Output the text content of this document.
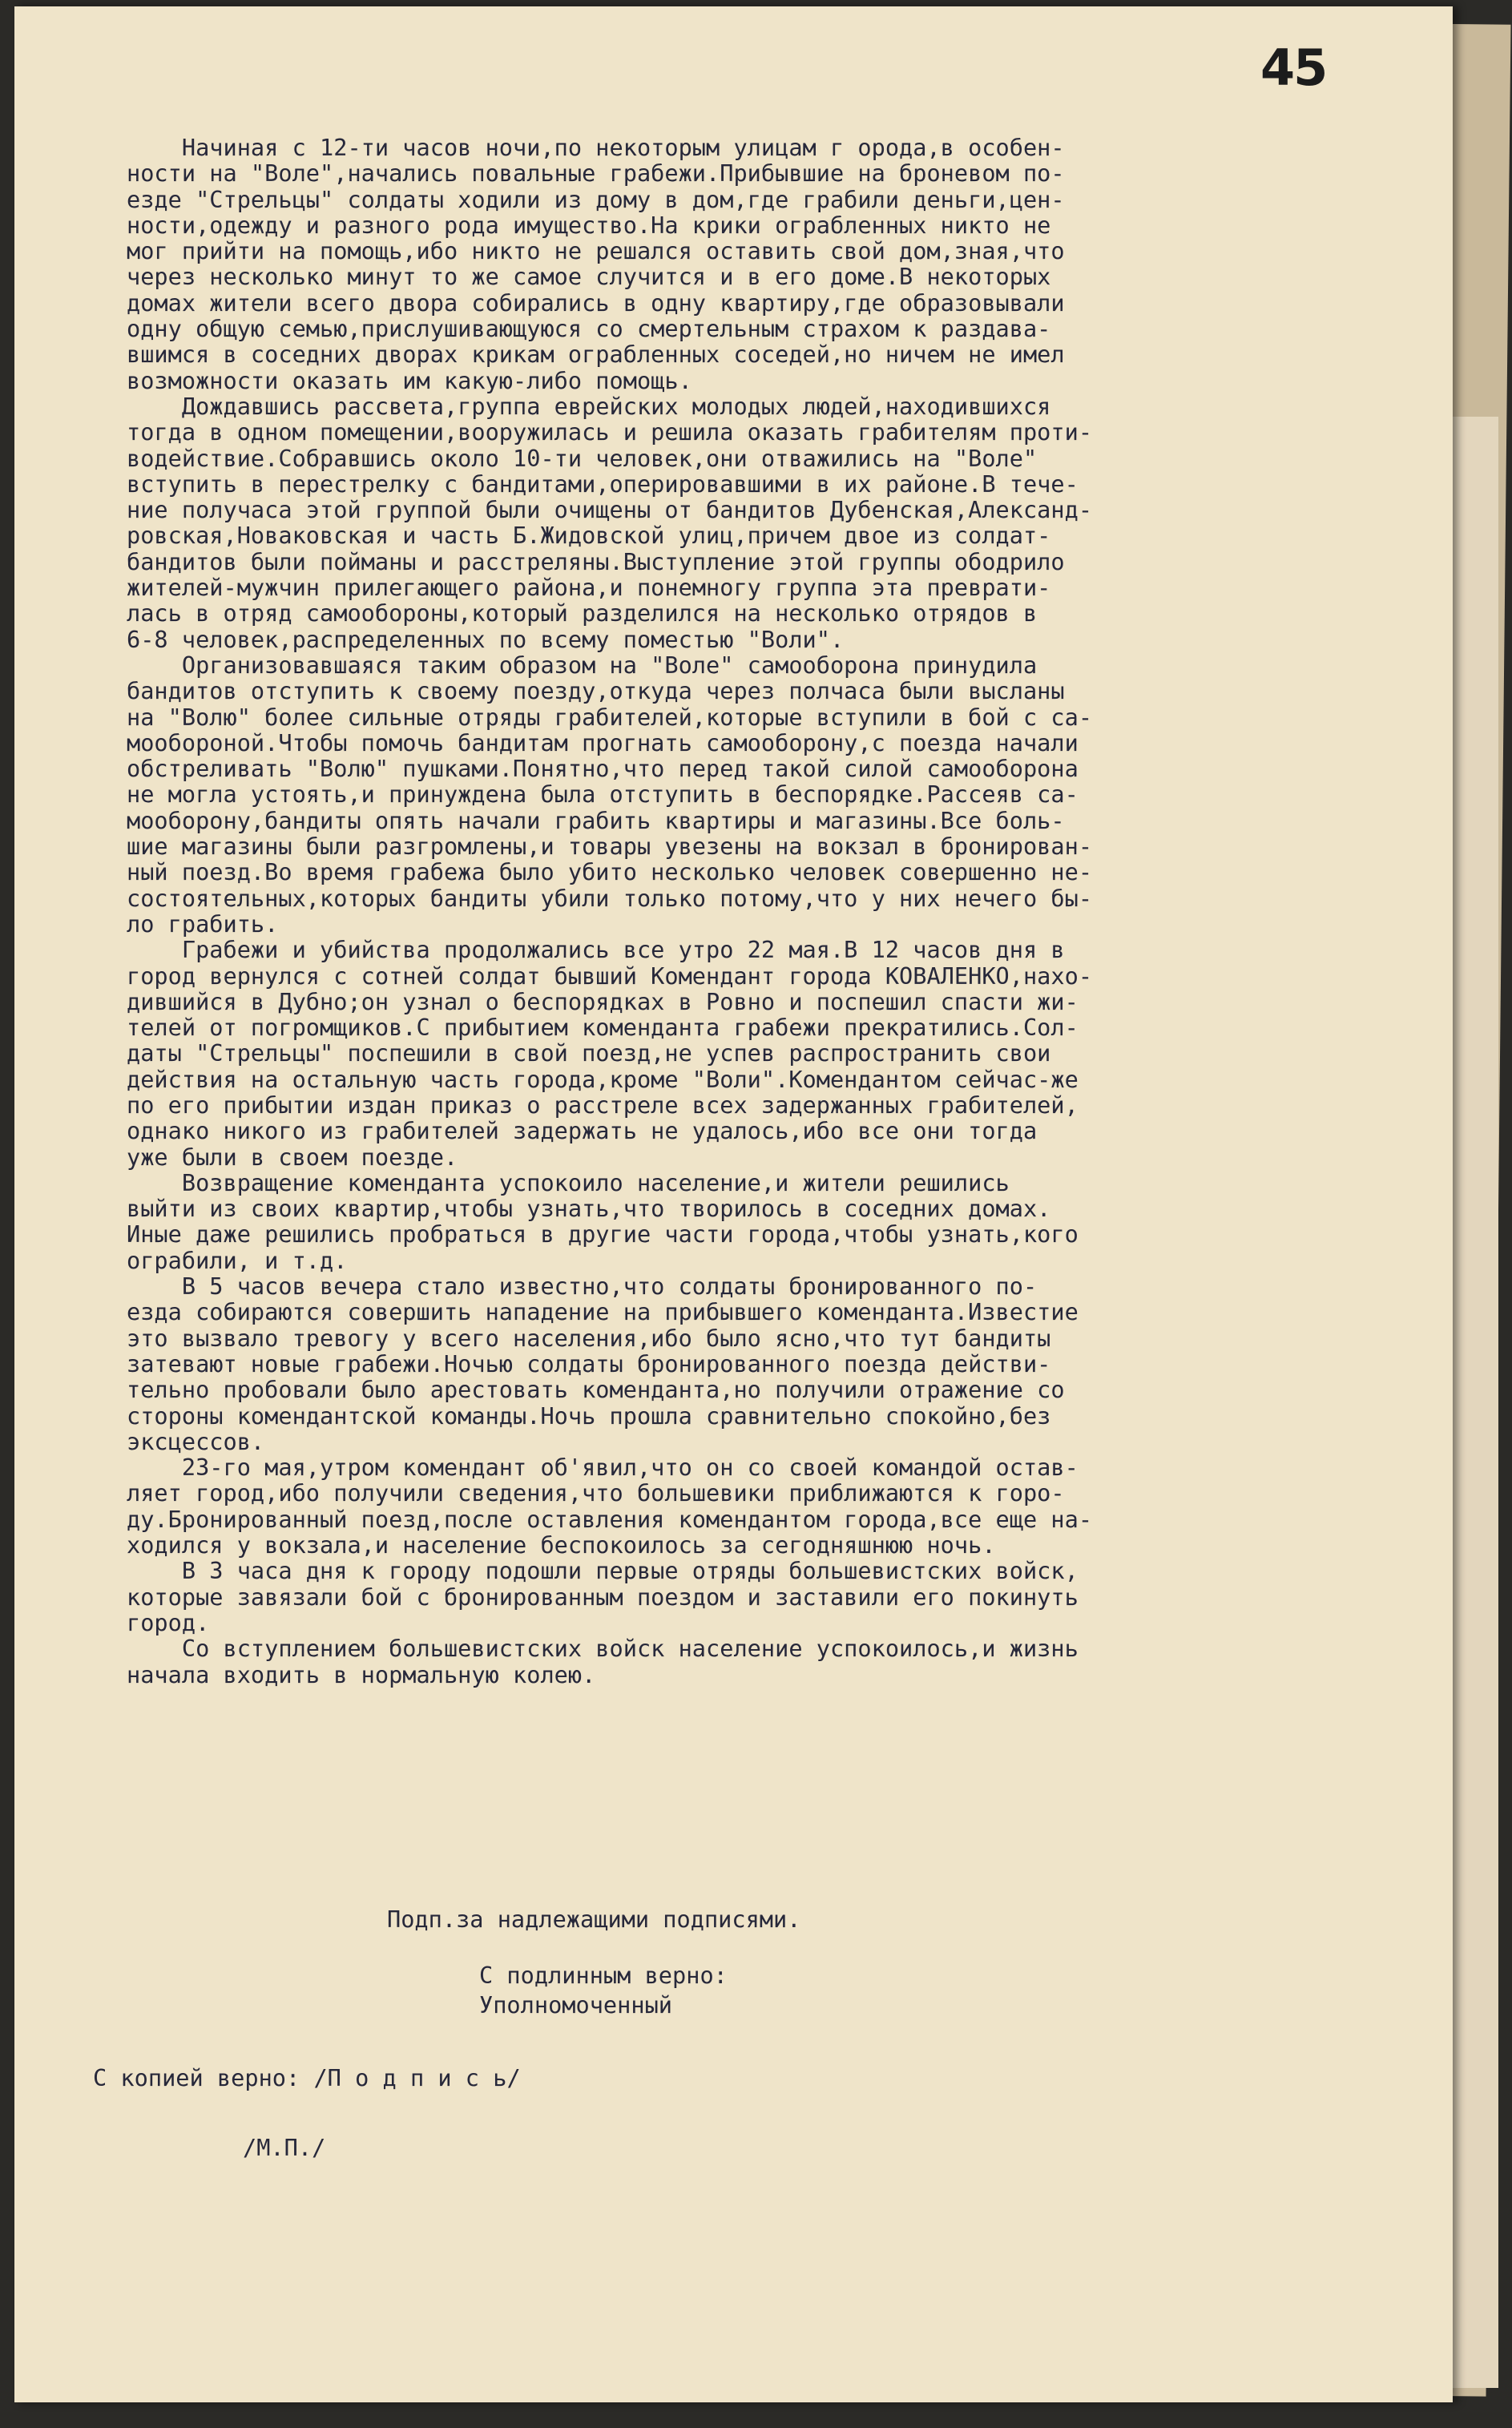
45
Начиная с 12-ти часов ночи,по некоторым улицам г орода,в особен-
ности на "Воле",начались повальные грабежи.Прибывшие на броневом по-
езде "Стрельцы" солдаты ходили из дому в дом,где грабили деньги,цен-
ности,одежду и разного рода имущество.На крики ограбленных никто не
мог прийти на помощь,ибо никто не решался оставить свой дом,зная,что
через несколько минут то же самое случится и в его доме.В некоторых
домах жители всего двора собирались в одну квартиру,где образовывали
одну общую семью,прислушивающуюся со смертельным страхом к раздава-
вшимся в соседних дворах крикам ограбленных соседей,но ничем не имел
возможности оказать им какую-либо помощь.
Дождавшись рассвета,группа еврейских молодых людей,находившихся
тогда в одном помещении,вооружилась и решила оказать грабителям проти-
водействие.Собравшись около 10-ти человек,они отважились на "Воле"
вступить в перестрелку с бандитами,оперировавшими в их районе.В тече-
ние получаса этой группой были очищены от бандитов Дубенская,Александ-
ровская,Новаковская и часть Б.Жидовской улиц,причем двое из солдат-
бандитов были пойманы и расстреляны.Выступление этой группы ободрило
жителей-мужчин прилегающего района,и понемногу группа эта преврати-
лась в отряд самообороны,который разделился на несколько отрядов в
6-8 человек,распределенных по всему поместью "Воли".
Организовавшаяся таким образом на "Воле" самооборона принудила
бандитов отступить к своему поезду,откуда через полчаса были высланы
на "Волю" более сильные отряды грабителей,которые вступили в бой с са-
мообороной.Чтобы помочь бандитам прогнать самооборону,с поезда начали
обстреливать "Волю" пушками.Понятно,что перед такой силой самооборона
не могла устоять,и принуждена была отступить в беспорядке.Рассеяв са-
мооборону,бандиты опять начали грабить квартиры и магазины.Все боль-
шие магазины были разгромлены,и товары увезены на вокзал в бронирован-
ный поезд.Во время грабежа было убито несколько человек совершенно не-
состоятельных,которых бандиты убили только потому,что у них нечего бы-
ло грабить.
Грабежи и убийства продолжались все утро 22 мая.В 12 часов дня в
город вернулся с сотней солдат бывший Комендант города КОВАЛЕНКО,нахо-
дившийся в Дубно;он узнал о беспорядках в Ровно и поспешил спасти жи-
телей от погромщиков.С прибытием коменданта грабежи прекратились.Сол-
даты "Стрельцы" поспешили в свой поезд,не успев распространить свои
действия на остальную часть города,кроме "Воли".Комендантом сейчас-же
по его прибытии издан приказ о расстреле всех задержанных грабителей,
однако никого из грабителей задержать не удалось,ибо все они тогда
уже были в своем поезде.
Возвращение коменданта успокоило население,и жители решились
выйти из своих квартир,чтобы узнать,что творилось в соседних домах.
Иные даже решились пробраться в другие части города,чтобы узнать,кого
ограбили, и т.д.
В 5 часов вечера стало известно,что солдаты бронированного по-
езда собираются совершить нападение на прибывшего коменданта.Известие
это вызвало тревогу у всего населения,ибо было ясно,что тут бандиты
затевают новые грабежи.Ночью солдаты бронированного поезда действи-
тельно пробовали было арестовать коменданта,но получили отражение со
стороны комендантской команды.Ночь прошла сравнительно спокойно,без
эксцессов.
23-го мая,утром комендант об'явил,что он со своей командой остав-
ляет город,ибо получили сведения,что большевики приближаются к горо-
ду.Бронированный поезд,после оставления комендантом города,все еще на-
ходился у вокзала,и население беспокоилось за сегодняшнюю ночь.
В 3 часа дня к городу подошли первые отряды большевистских войск,
которые завязали бой с бронированным поездом и заставили его покинуть
город.
Со вступлением большевистских войск население успокоилось,и жизнь
начала входить в нормальную колею.
Подп.за надлежащими подписями.
С подлинным верно:
Уполномоченный
С копией верно: /П о д п и с ь/
/М.П./
